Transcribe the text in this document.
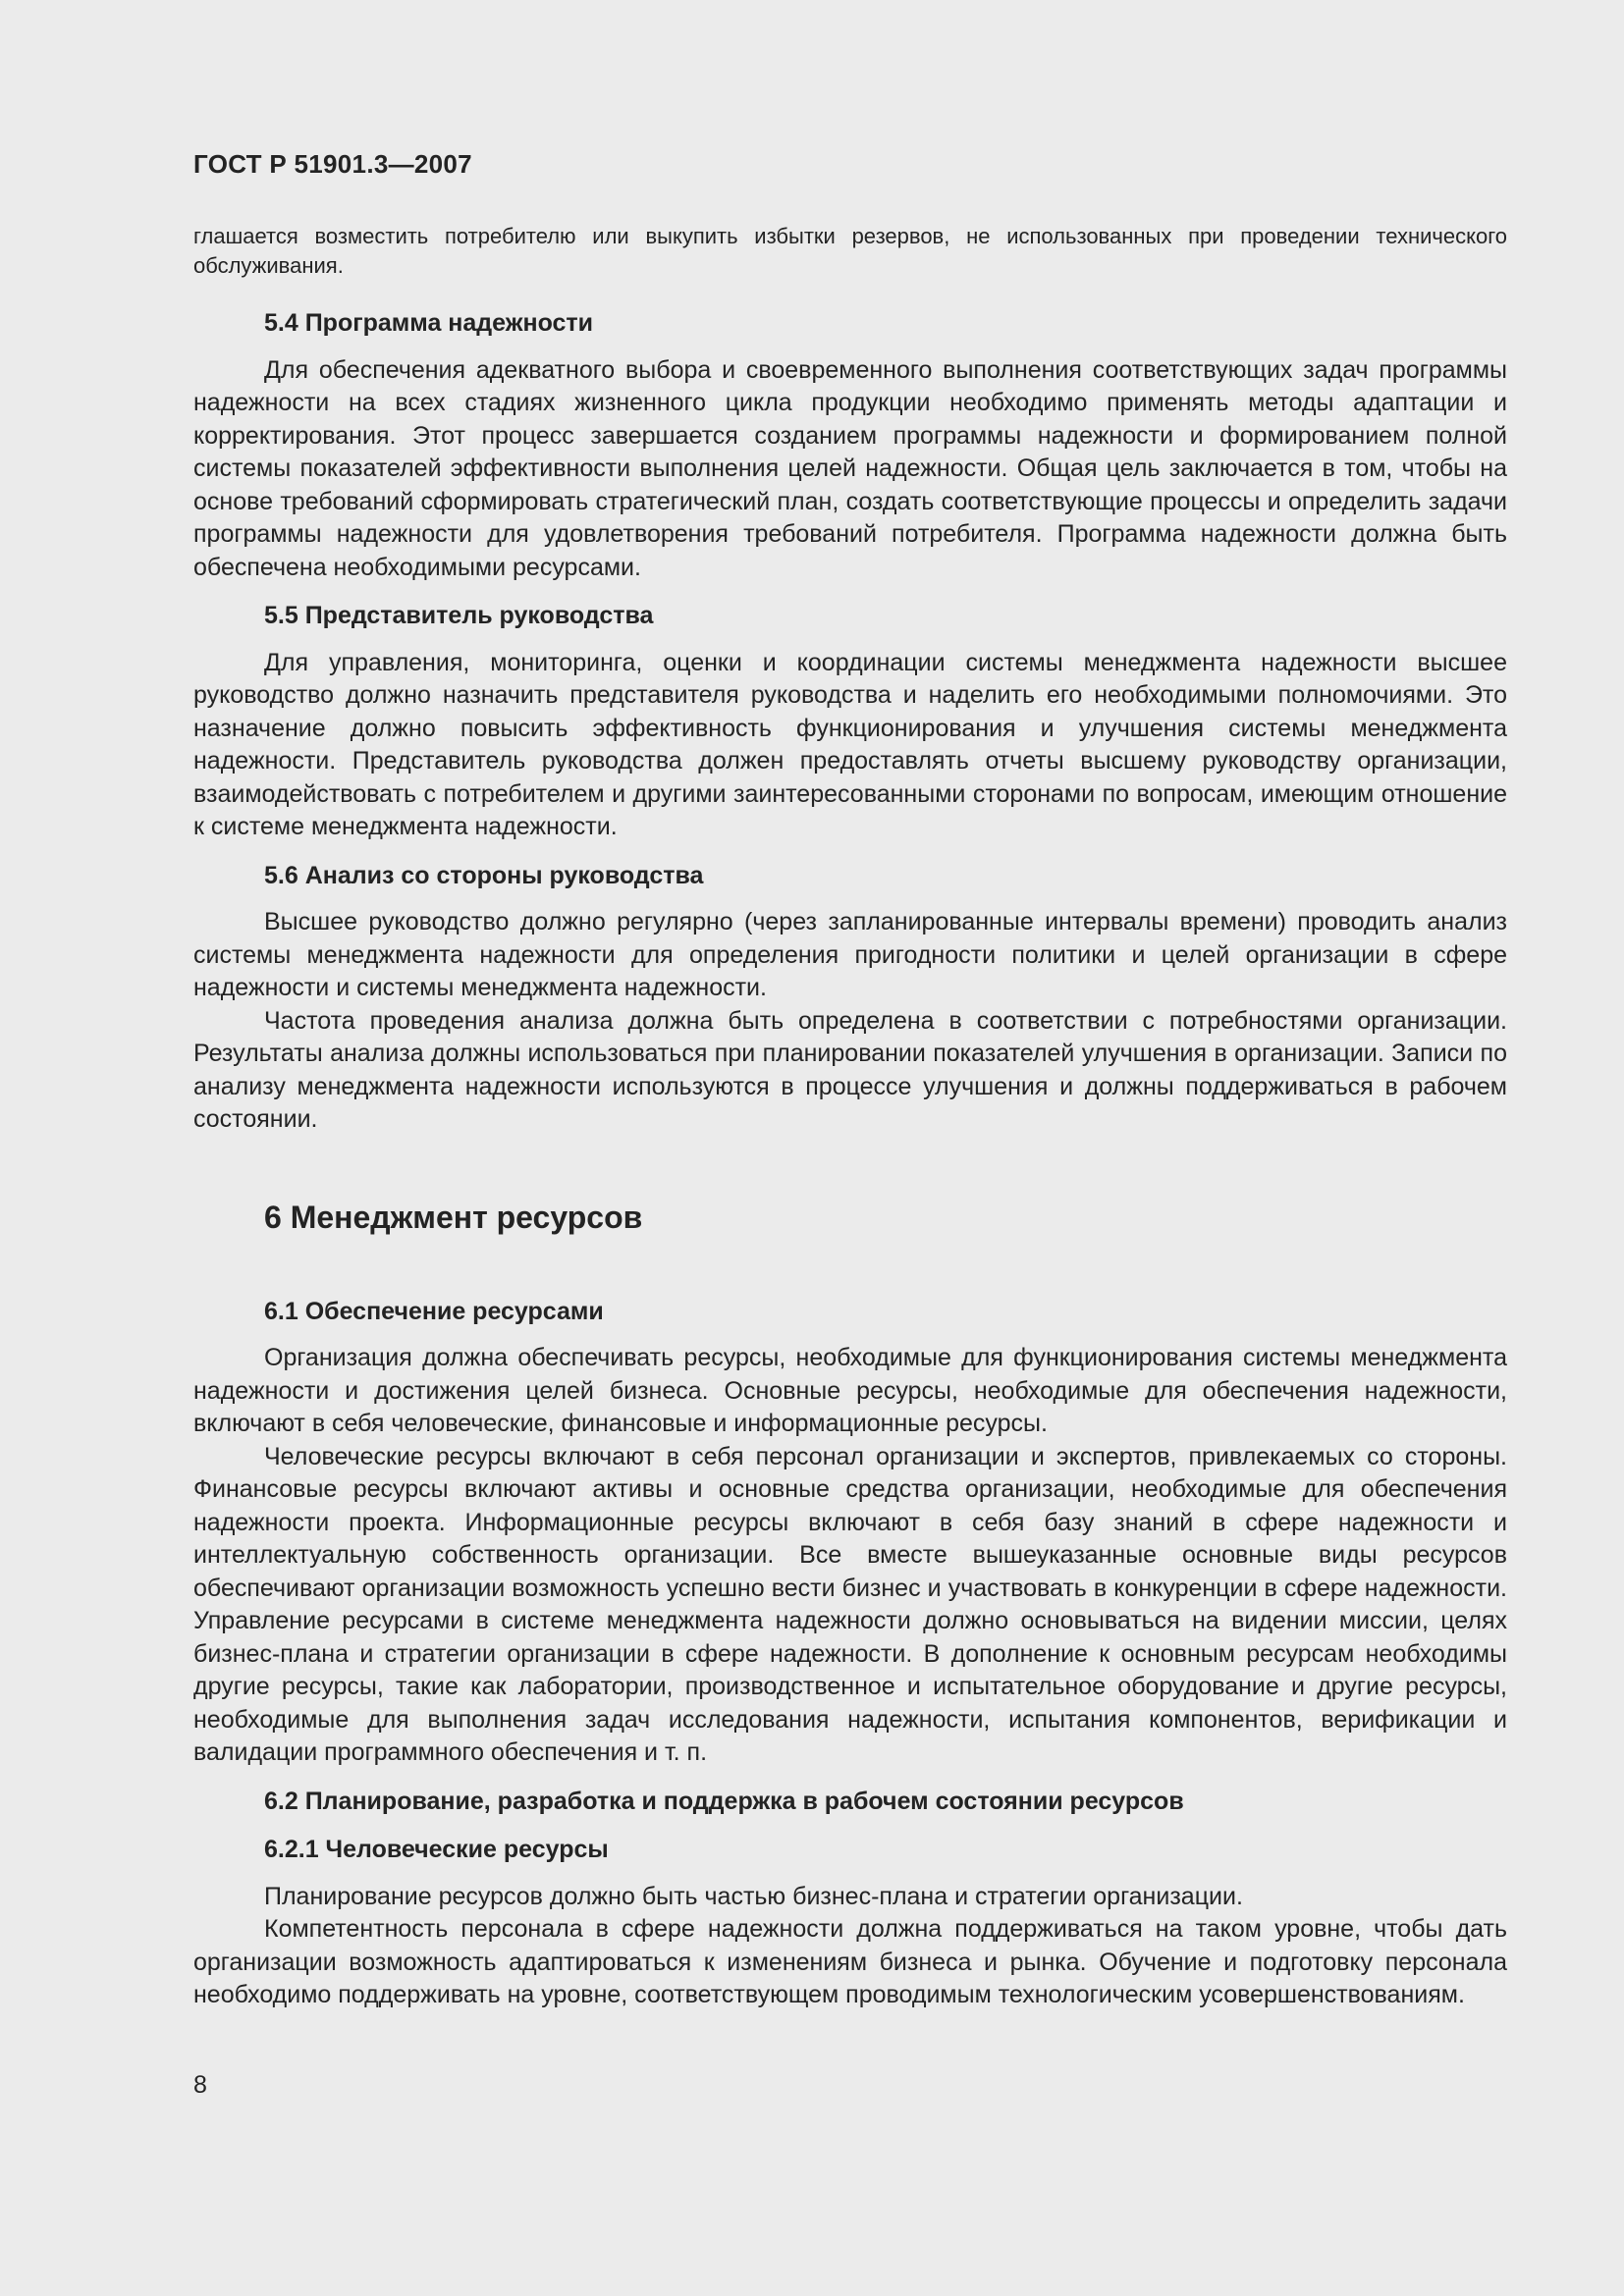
ГОСТ Р 51901.3—2007
глашается возместить потребителю или выкупить избытки резервов, не использованных при проведении технического обслуживания.
5.4 Программа надежности

Для обеспечения адекватного выбора и своевременного выполнения соответствующих задач программы надежности на всех стадиях жизненного цикла продукции необходимо применять методы адаптации и корректирования. Этот процесс завершается созданием программы надежности и формированием полной системы показателей эффективности выполнения целей надежности. Общая цель заключается в том, чтобы на основе требований сформировать стратегический план, создать соответствующие процессы и определить задачи программы надежности для удовлетворения требований потребителя. Программа надежности должна быть обеспечена необходимыми ресурсами.

5.5 Представитель руководства

Для управления, мониторинга, оценки и координации системы менеджмента надежности высшее руководство должно назначить представителя руководства и наделить его необходимыми полномочиями. Это назначение должно повысить эффективность функционирования и улучшения системы менеджмента надежности. Представитель руководства должен предоставлять отчеты высшему руководству организации, взаимодействовать с потребителем и другими заинтересованными сторонами по вопросам, имеющим отношение к системе менеджмента надежности.

5.6 Анализ со стороны руководства

Высшее руководство должно регулярно (через запланированные интервалы времени) проводить анализ системы менеджмента надежности для определения пригодности политики и целей организации в сфере надежности и системы менеджмента надежности.

Частота проведения анализа должна быть определена в соответствии с потребностями организации. Результаты анализа должны использоваться при планировании показателей улучшения в организации. Записи по анализу менеджмента надежности используются в процессе улучшения и должны поддерживаться в рабочем состоянии.

6 Менеджмент ресурсов
6.1 Обеспечение ресурсами

Организация должна обеспечивать ресурсы, необходимые для функционирования системы менеджмента надежности и достижения целей бизнеса. Основные ресурсы, необходимые для обеспечения надежности, включают в себя человеческие, финансовые и информационные ресурсы.

Человеческие ресурсы включают в себя персонал организации и экспертов, привлекаемых со стороны. Финансовые ресурсы включают активы и основные средства организации, необходимые для обеспечения надежности проекта. Информационные ресурсы включают в себя базу знаний в сфере надежности и интеллектуальную собственность организации. Все вместе вышеуказанные основные виды ресурсов обеспечивают организации возможность успешно вести бизнес и участвовать в конкуренции в сфере надежности. Управление ресурсами в системе менеджмента надежности должно основываться на видении миссии, целях бизнес-плана и стратегии организации в сфере надежности. В дополнение к основным ресурсам необходимы другие ресурсы, такие как лаборатории, производственное и испытательное оборудование и другие ресурсы, необходимые для выполнения задач исследования надежности, испытания компонентов, верификации и валидации программного обеспечения и т. п.

6.2 Планирование, разработка и поддержка в рабочем состоянии ресурсов
6.2.1 Человеческие ресурсы

Планирование ресурсов должно быть частью бизнес-плана и стратегии организации.

Компетентность персонала в сфере надежности должна поддерживаться на таком уровне, чтобы дать организации возможность адаптироваться к изменениям бизнеса и рынка. Обучение и подготовку персонала необходимо поддерживать на уровне, соответствующем проводимым технологическим усовершенствованиям.

8
